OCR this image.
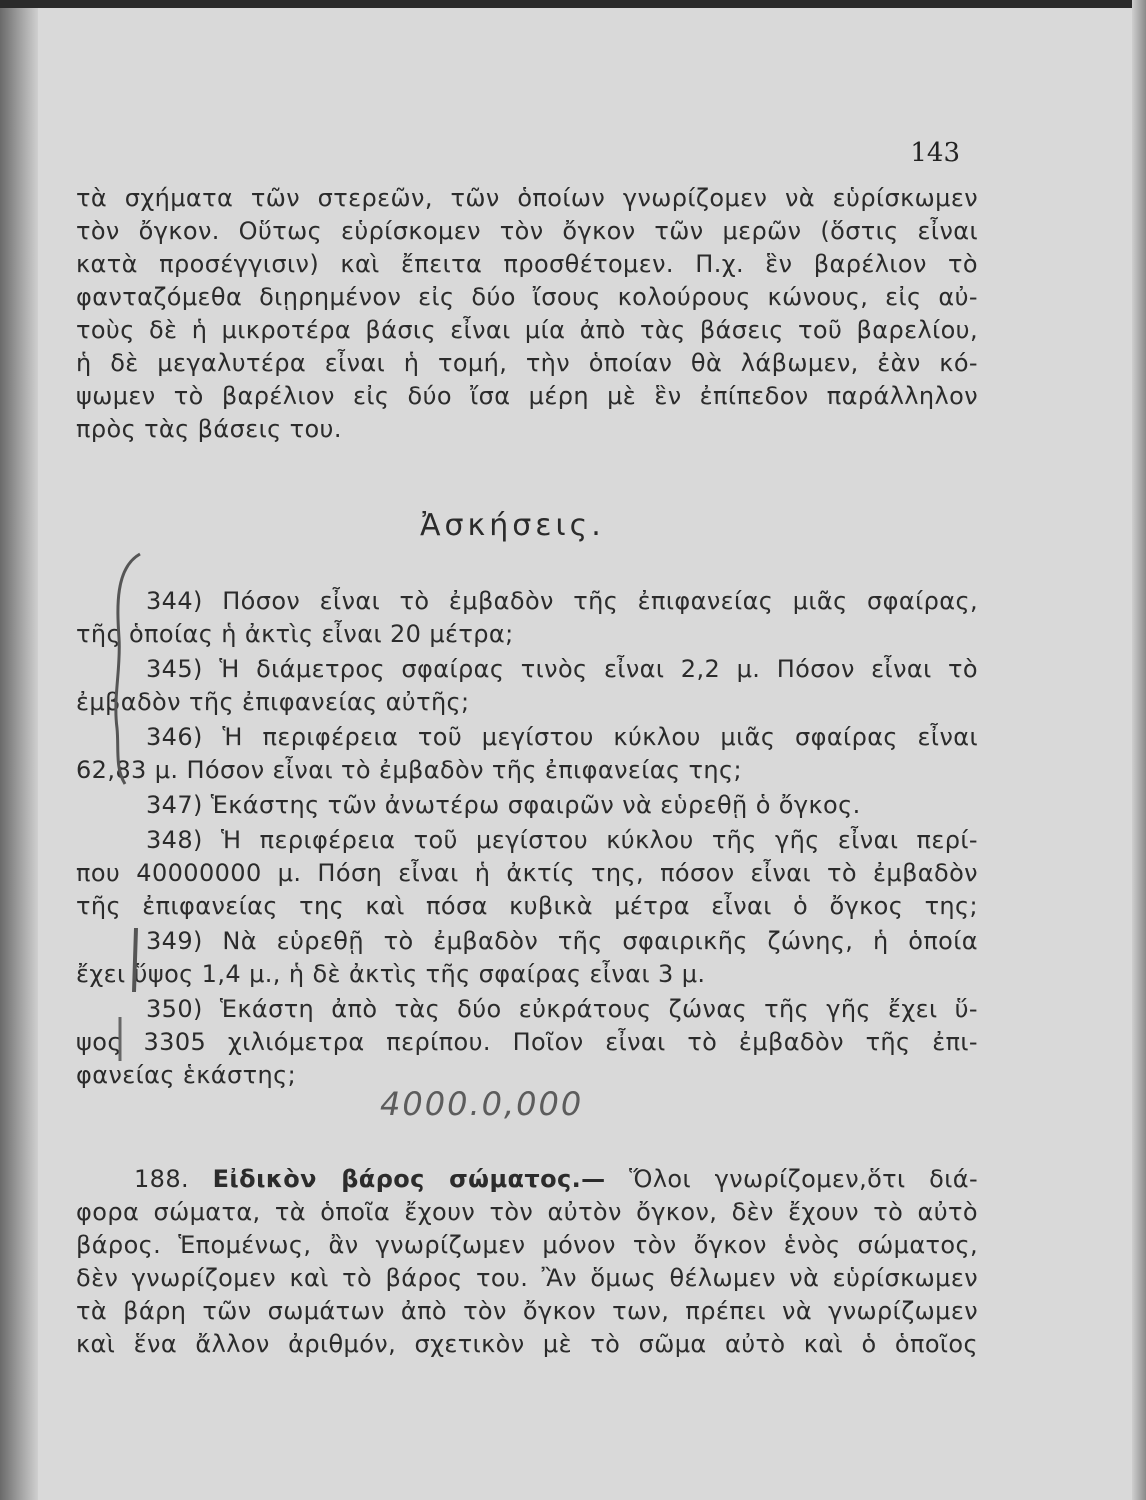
143
τὰ σχήματα τῶν στερεῶν, τῶν ὁποίων γνωρίζομεν νὰ εὑρίσκωμεν
τὸν ὄγκον. Οὕτως εὑρίσκομεν τὸν ὄγκον τῶν μερῶν (ὅστις εἶναι
κατὰ προσέγγισιν) καὶ ἔπειτα προσθέτομεν. Π.χ. ἓν βαρέλιον τὸ
φανταζόμεθα διῃρημένον εἰς δύο ἴσους κολούρους κώνους, εἰς αὐ-
τοὺς δὲ ἡ μικροτέρα βάσις εἶναι μία ἀπὸ τὰς βάσεις τοῦ βαρελίου,
ἡ δὲ μεγαλυτέρα εἶναι ἡ τομή, τὴν ὁποίαν θὰ λάβωμεν, ἐὰν κό-
ψωμεν τὸ βαρέλιον εἰς δύο ἴσα μέρη μὲ ἓν ἐπίπεδον παράλληλον
πρὸς τὰς βάσεις του.
Ἀσκήσεις.
344) Πόσον εἶναι τὸ ἐμβαδὸν τῆς ἐπιφανείας μιᾶς σφαίρας,
τῆς ὁποίας ἡ ἀκτὶς εἶναι 20 μέτρα;
345) Ἡ διάμετρος σφαίρας τινὸς εἶναι 2,2 μ. Πόσον εἶναι τὸ
ἐμβαδὸν τῆς ἐπιφανείας αὐτῆς;
346) Ἡ περιφέρεια τοῦ μεγίστου κύκλου μιᾶς σφαίρας εἶναι
62,83 μ. Πόσον εἶναι τὸ ἐμβαδὸν τῆς ἐπιφανείας της;
347) Ἑκάστης τῶν ἀνωτέρω σφαιρῶν νὰ εὑρεθῇ ὁ ὄγκος.
348) Ἡ περιφέρεια τοῦ μεγίστου κύκλου τῆς γῆς εἶναι περί-
που 40000000 μ. Πόση εἶναι ἡ ἀκτίς της, πόσον εἶναι τὸ ἐμβαδὸν
τῆς ἐπιφανείας της καὶ πόσα κυβικὰ μέτρα εἶναι ὁ ὄγκος της;
349) Νὰ εὑρεθῇ τὸ ἐμβαδὸν τῆς σφαιρικῆς ζώνης, ἡ ὁποία
ἔχει ὕψος 1,4 μ., ἡ δὲ ἀκτὶς τῆς σφαίρας εἶναι 3 μ.
350) Ἑκάστη ἀπὸ τὰς δύο εὐκράτους ζώνας τῆς γῆς ἔχει ὕ-
ψος 3305 χιλιόμετρα περίπου. Ποῖον εἶναι τὸ ἐμβαδὸν τῆς ἐπι-
φανείας ἑκάστης;
4000.0,000
188. Εἰδικὸν βάρος σώματος.— Ὅλοι γνωρίζομεν,ὅτι διά-
φορα σώματα, τὰ ὁποῖα ἔχουν τὸν αὐτὸν ὄγκον, δὲν ἔχουν τὸ αὐτὸ
βάρος. Ἑπομένως, ἂν γνωρίζωμεν μόνον τὸν ὄγκον ἑνὸς σώματος,
δὲν γνωρίζομεν καὶ τὸ βάρος του. Ἂν ὅμως θέλωμεν νὰ εὑρίσκωμεν
τὰ βάρη τῶν σωμάτων ἀπὸ τὸν ὄγκον των, πρέπει νὰ γνωρίζωμεν
καὶ ἕνα ἄλλον ἀριθμόν, σχετικὸν μὲ τὸ σῶμα αὐτὸ καὶ ὁ ὁποῖος
